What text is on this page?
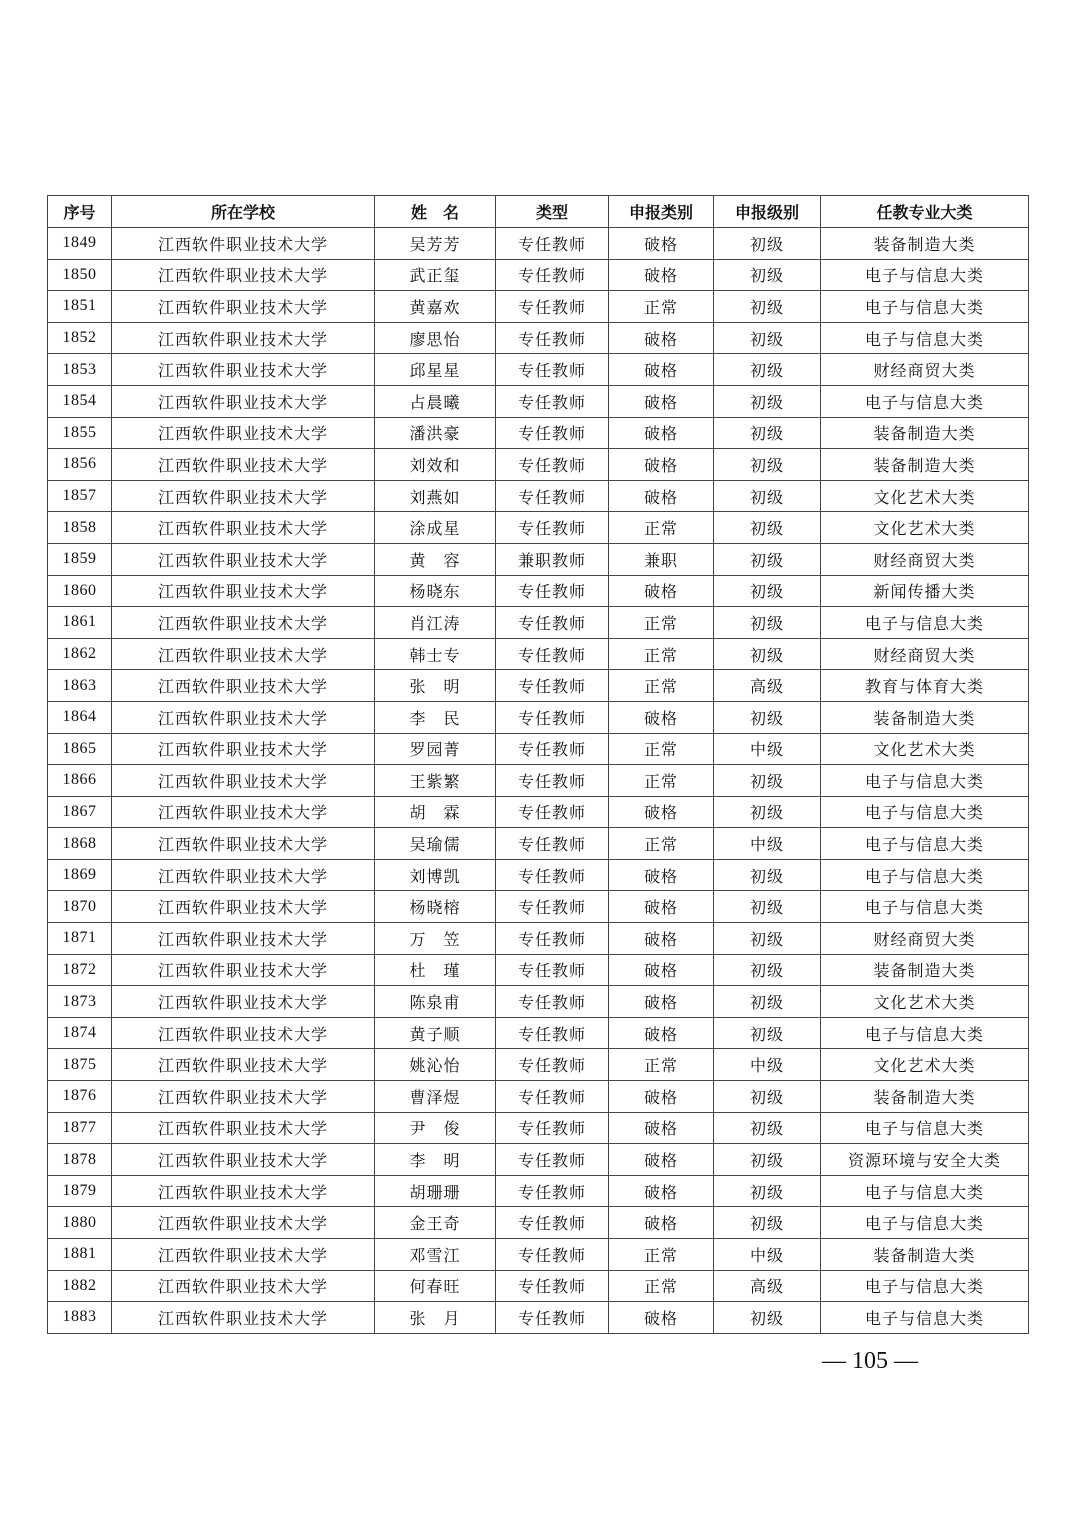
序号	所在学校	姓　名	类型	申报类别	申报级别	任教专业大类
1849	江西软件职业技术大学	吴芳芳	专任教师	破格	初级	装备制造大类
1850	江西软件职业技术大学	武正玺	专任教师	破格	初级	电子与信息大类
1851	江西软件职业技术大学	黄嘉欢	专任教师	正常	初级	电子与信息大类
1852	江西软件职业技术大学	廖思怡	专任教师	破格	初级	电子与信息大类
1853	江西软件职业技术大学	邱星星	专任教师	破格	初级	财经商贸大类
1854	江西软件职业技术大学	占晨曦	专任教师	破格	初级	电子与信息大类
1855	江西软件职业技术大学	潘洪豪	专任教师	破格	初级	装备制造大类
1856	江西软件职业技术大学	刘效和	专任教师	破格	初级	装备制造大类
1857	江西软件职业技术大学	刘燕如	专任教师	破格	初级	文化艺术大类
1858	江西软件职业技术大学	涂成星	专任教师	正常	初级	文化艺术大类
1859	江西软件职业技术大学	黄　容	兼职教师	兼职	初级	财经商贸大类
1860	江西软件职业技术大学	杨晓东	专任教师	破格	初级	新闻传播大类
1861	江西软件职业技术大学	肖江涛	专任教师	正常	初级	电子与信息大类
1862	江西软件职业技术大学	韩士专	专任教师	正常	初级	财经商贸大类
1863	江西软件职业技术大学	张　明	专任教师	正常	高级	教育与体育大类
1864	江西软件职业技术大学	李　民	专任教师	破格	初级	装备制造大类
1865	江西软件职业技术大学	罗园菁	专任教师	正常	中级	文化艺术大类
1866	江西软件职业技术大学	王紫繁	专任教师	正常	初级	电子与信息大类
1867	江西软件职业技术大学	胡　霖	专任教师	破格	初级	电子与信息大类
1868	江西软件职业技术大学	吴瑜儒	专任教师	正常	中级	电子与信息大类
1869	江西软件职业技术大学	刘博凯	专任教师	破格	初级	电子与信息大类
1870	江西软件职业技术大学	杨晓榕	专任教师	破格	初级	电子与信息大类
1871	江西软件职业技术大学	万　笠	专任教师	破格	初级	财经商贸大类
1872	江西软件职业技术大学	杜　瑾	专任教师	破格	初级	装备制造大类
1873	江西软件职业技术大学	陈泉甫	专任教师	破格	初级	文化艺术大类
1874	江西软件职业技术大学	黄子顺	专任教师	破格	初级	电子与信息大类
1875	江西软件职业技术大学	姚沁怡	专任教师	正常	中级	文化艺术大类
1876	江西软件职业技术大学	曹泽煜	专任教师	破格	初级	装备制造大类
1877	江西软件职业技术大学	尹　俊	专任教师	破格	初级	电子与信息大类
1878	江西软件职业技术大学	李　明	专任教师	破格	初级	资源环境与安全大类
1879	江西软件职业技术大学	胡珊珊	专任教师	破格	初级	电子与信息大类
1880	江西软件职业技术大学	金王奇	专任教师	破格	初级	电子与信息大类
1881	江西软件职业技术大学	邓雪江	专任教师	正常	中级	装备制造大类
1882	江西软件职业技术大学	何春旺	专任教师	正常	高级	电子与信息大类
1883	江西软件职业技术大学	张　月	专任教师	破格	初级	电子与信息大类
— 105 —
